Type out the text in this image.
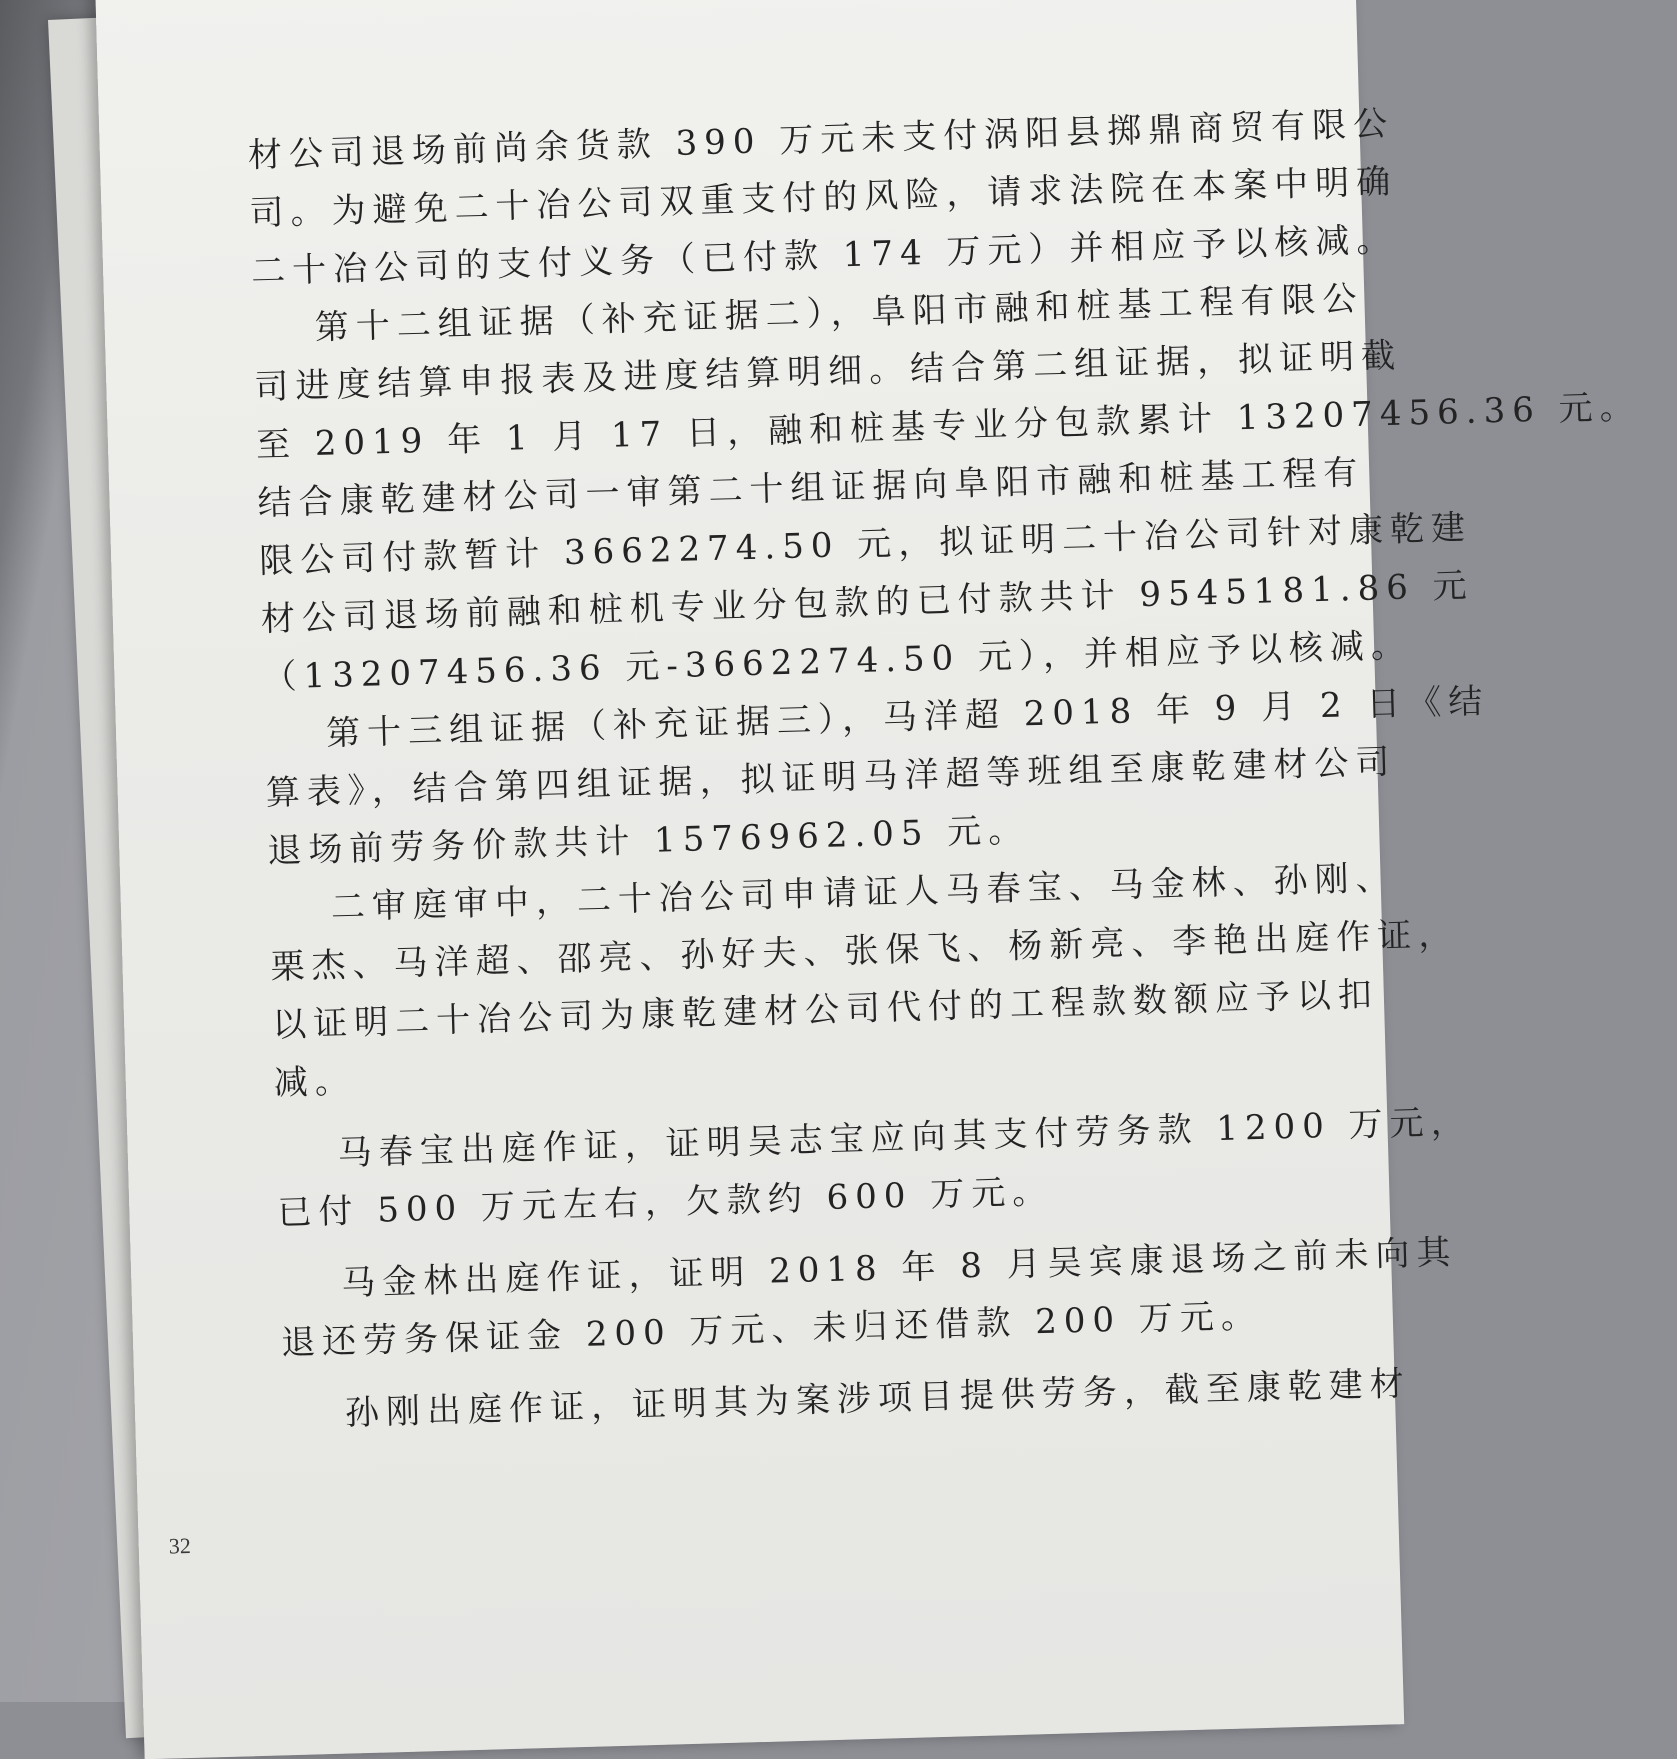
材公司退场前尚余货款 390 万元未支付涡阳县掷鼎商贸有限公
司。为避免二十冶公司双重支付的风险，请求法院在本案中明确
二十冶公司的支付义务（已付款 174 万元）并相应予以核减。
第十二组证据（补充证据二），阜阳市融和桩基工程有限公
司进度结算申报表及进度结算明细。结合第二组证据，拟证明截
至 2019 年 1 月 17 日，融和桩基专业分包款累计 13207456.36 元。
结合康乾建材公司一审第二十组证据向阜阳市融和桩基工程有
限公司付款暂计 3662274.50 元，拟证明二十冶公司针对康乾建
材公司退场前融和桩机专业分包款的已付款共计 9545181.86 元
（13207456.36 元-3662274.50 元），并相应予以核减。
第十三组证据（补充证据三），马洋超 2018 年 9 月 2 日《结
算表》，结合第四组证据，拟证明马洋超等班组至康乾建材公司
退场前劳务价款共计 1576962.05 元。
二审庭审中，二十冶公司申请证人马春宝、马金林、孙刚、
栗杰、马洋超、邵亮、孙好夫、张保飞、杨新亮、李艳出庭作证，
以证明二十冶公司为康乾建材公司代付的工程款数额应予以扣
减。
马春宝出庭作证，证明吴志宝应向其支付劳务款 1200 万元，
已付 500 万元左右，欠款约 600 万元。
马金林出庭作证，证明 2018 年 8 月吴宾康退场之前未向其
退还劳务保证金 200 万元、未归还借款 200 万元。
孙刚出庭作证，证明其为案涉项目提供劳务，截至康乾建材
32
